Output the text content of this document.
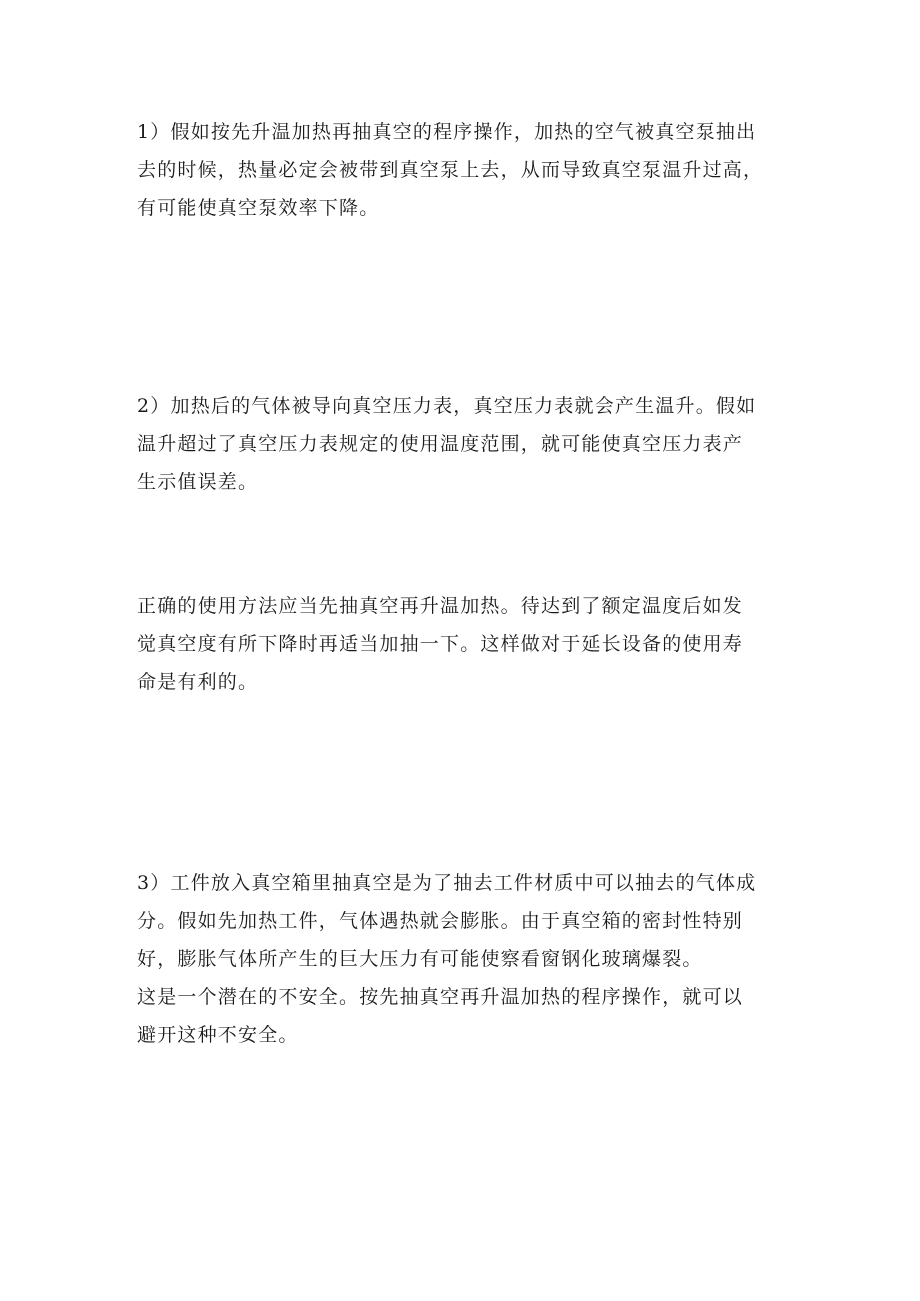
1）假如按先升温加热再抽真空的程序操作，加热的空气被真空泵抽出
去的时候，热量必定会被带到真空泵上去，从而导致真空泵温升过高，
有可能使真空泵效率下降。

2）加热后的气体被导向真空压力表，真空压力表就会产生温升。假如
温升超过了真空压力表规定的使用温度范围，就可能使真空压力表产
生示值误差。

正确的使用方法应当先抽真空再升温加热。待达到了额定温度后如发
觉真空度有所下降时再适当加抽一下。这样做对于延长设备的使用寿
命是有利的。

3）工件放入真空箱里抽真空是为了抽去工件材质中可以抽去的气体成
分。假如先加热工件，气体遇热就会膨胀。由于真空箱的密封性特别
好，膨胀气体所产生的巨大压力有可能使察看窗钢化玻璃爆裂。
这是一个潜在的不安全。按先抽真空再升温加热的程序操作，就可以
避开这种不安全。
